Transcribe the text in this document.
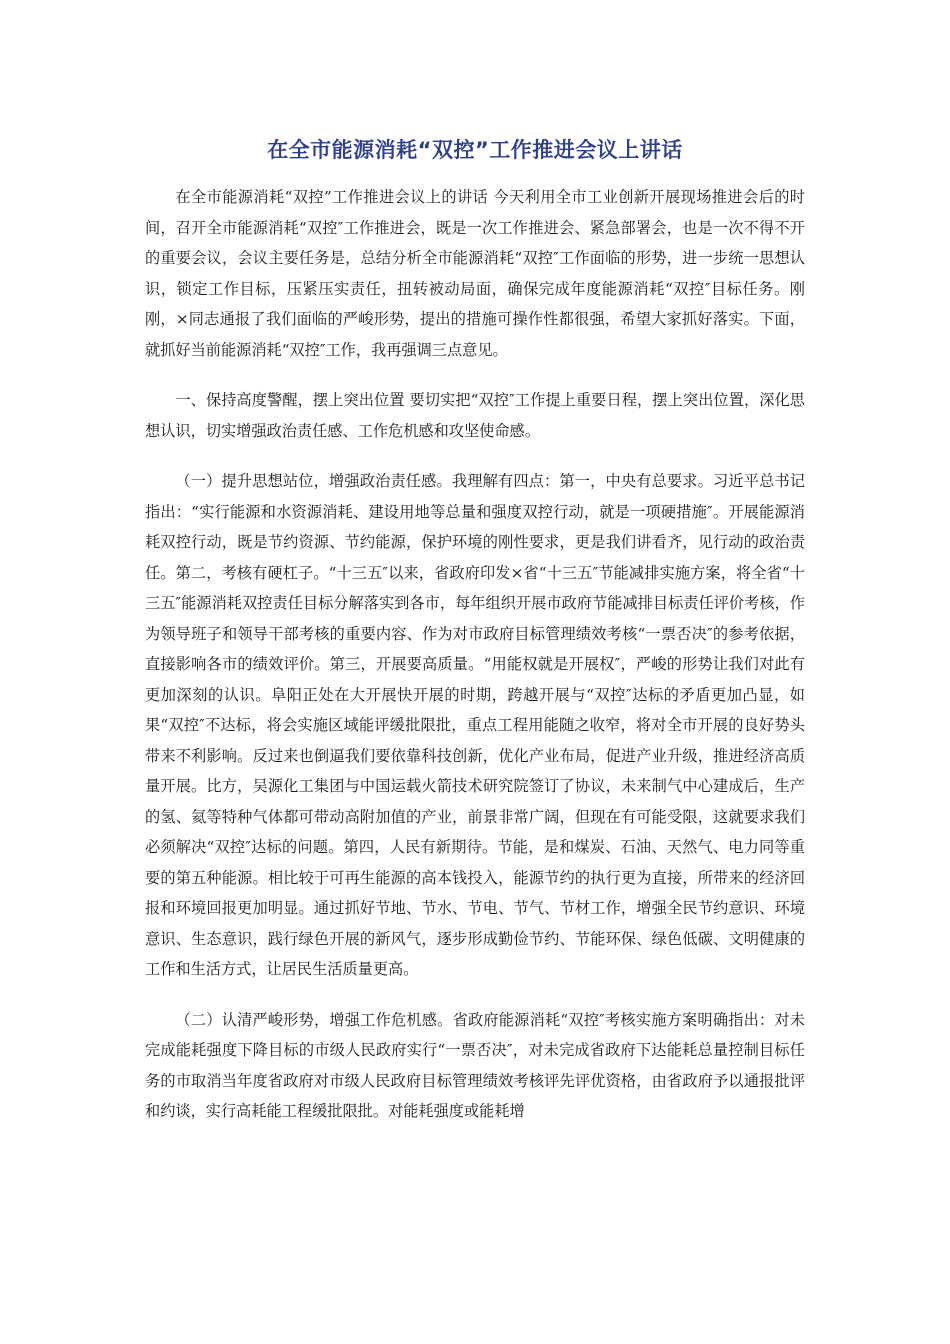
在全市能源消耗“双控”工作推进会议上讲话

在全市能源消耗“双控”工作推进会议上的讲话 今天利用全市工业创新开展现场推进会后的时间，召开全市能源消耗“双控″工作推进会，既是一次工作推进会、紧急部署会，也是一次不得不开的重要会议，会议主要任务是，总结分析全市能源消耗“双控″工作面临的形势，进一步统一思想认识，锁定工作目标，压紧压实责任，扭转被动局面，确保完成年度能源消耗“双控″目标任务。刚刚，×同志通报了我们面临的严峻形势，提出的措施可操作性都很强，希望大家抓好落实。下面，就抓好当前能源消耗“双控″工作，我再强调三点意见。

一、保持高度警醒，摆上突出位置 要切实把“双控″工作提上重要日程，摆上突出位置，深化思想认识，切实增强政治责任感、工作危机感和攻坚使命感。

（一）提升思想站位，增强政治责任感。我理解有四点：第一，中央有总要求。习近平总书记指出：“实行能源和水资源消耗、建设用地等总量和强度双控行动，就是一项硬措施″。开展能源消耗双控行动，既是节约资源、节约能源，保护环境的刚性要求，更是我们讲看齐，见行动的政治责任。第二，考核有硬杠子。“十三五″以来，省政府印发×省“十三五″节能减排实施方案，将全省“十三五″能源消耗双控责任目标分解落实到各市，每年组织开展市政府节能减排目标责任评价考核，作为领导班子和领导干部考核的重要内容、作为对市政府目标管理绩效考核“一票否决″的参考依据，直接影响各市的绩效评价。第三，开展要高质量。“用能权就是开展权″，严峻的形势让我们对此有更加深刻的认识。阜阳正处在大开展快开展的时期，跨越开展与“双控″达标的矛盾更加凸显，如果“双控″不达标，将会实施区域能评缓批限批，重点工程用能随之收窄，将对全市开展的良好势头带来不利影响。反过来也倒逼我们要依靠科技创新，优化产业布局，促进产业升级，推进经济高质量开展。比方，吴源化工集团与中国运载火箭技术研究院签订了协议，未来制气中心建成后，生产的氢、氦等特种气体都可带动高附加值的产业，前景非常广阔，但现在有可能受限，这就要求我们必须解决“双控″达标的问题。第四，人民有新期待。节能，是和煤炭、石油、天然气、电力同等重要的第五种能源。相比较于可再生能源的高本钱投入，能源节约的执行更为直接，所带来的经济回报和环境回报更加明显。通过抓好节地、节水、节电、节气、节材工作，增强全民节约意识、环境意识、生态意识，践行绿色开展的新风气，逐步形成勤俭节约、节能环保、绿色低碳、文明健康的工作和生活方式，让居民生活质量更高。

（二）认清严峻形势，增强工作危机感。省政府能源消耗“双控″考核实施方案明确指出：对未完成能耗强度下降目标的市级人民政府实行“一票否决″，对未完成省政府下达能耗总量控制目标任务的市取消当年度省政府对市级人民政府目标管理绩效考核评先评优资格，由省政府予以通报批评和约谈，实行高耗能工程缓批限批。对能耗强度或能耗增
